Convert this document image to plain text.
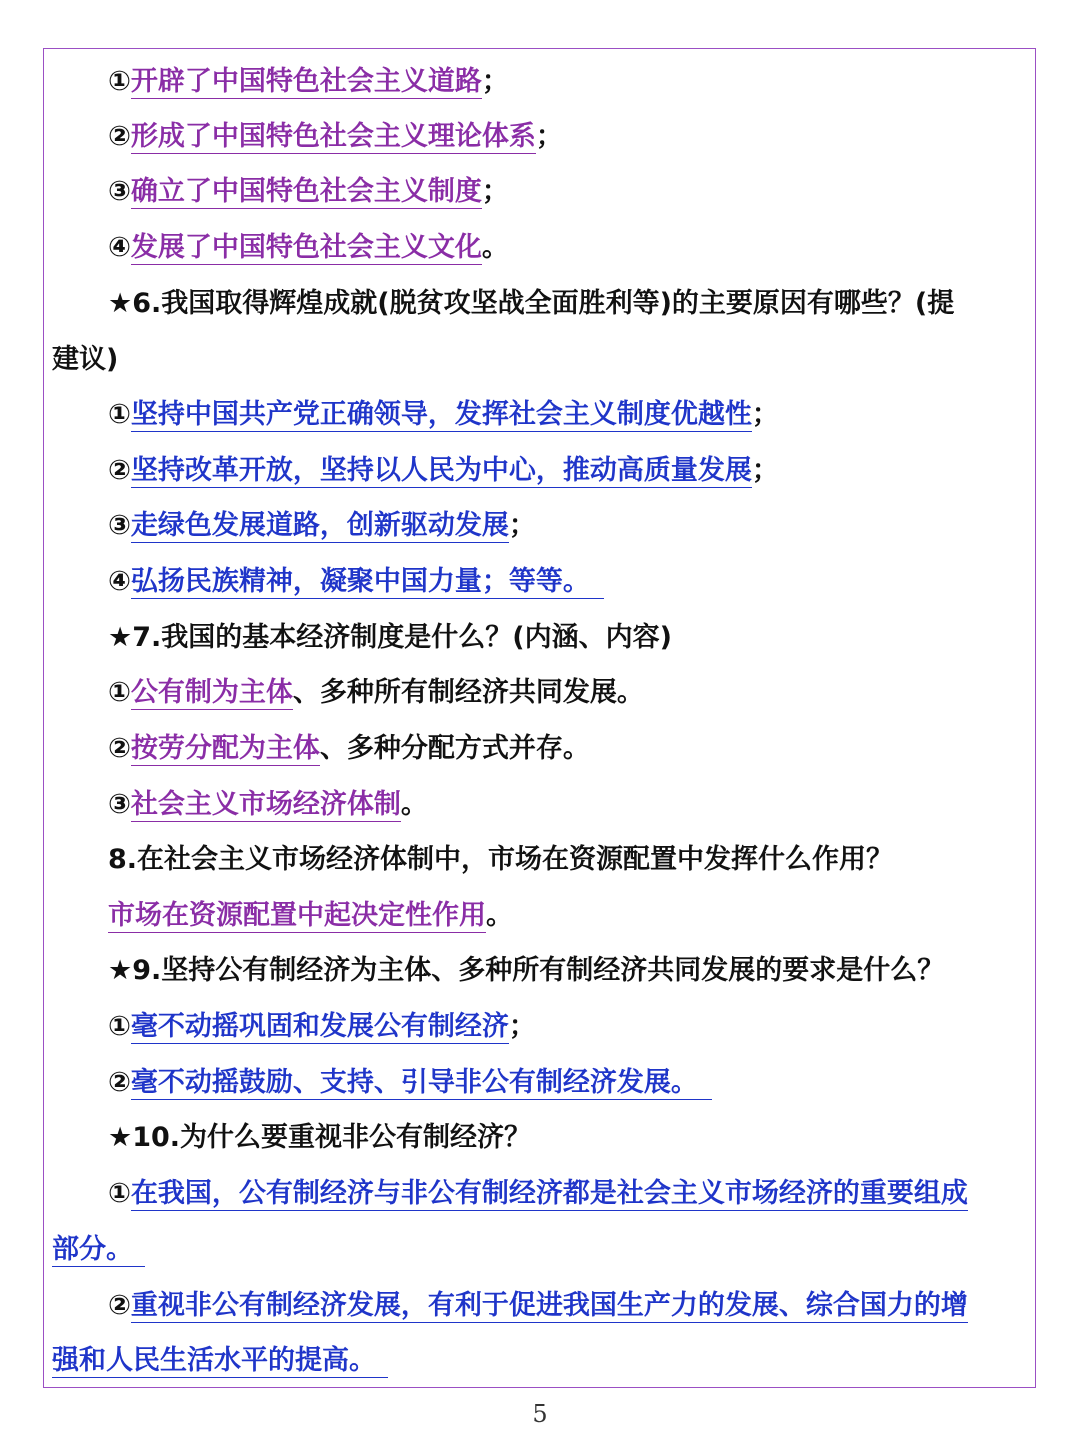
①开辟了中国特色社会主义道路；
②形成了中国特色社会主义理论体系；
③确立了中国特色社会主义制度；
④发展了中国特色社会主义文化。
★6.我国取得辉煌成就(脱贫攻坚战全面胜利等)的主要原因有哪些？(提
建议)
①坚持中国共产党正确领导，发挥社会主义制度优越性；
②坚持改革开放，坚持以人民为中心，推动高质量发展；
③走绿色发展道路，创新驱动发展；
④弘扬民族精神，凝聚中国力量；等等。
★7.我国的基本经济制度是什么？(内涵、内容)
①公有制为主体、多种所有制经济共同发展。
②按劳分配为主体、多种分配方式并存。
③社会主义市场经济体制。
8.在社会主义市场经济体制中，市场在资源配置中发挥什么作用？
市场在资源配置中起决定性作用。
★9.坚持公有制经济为主体、多种所有制经济共同发展的要求是什么？
①毫不动摇巩固和发展公有制经济；
②毫不动摇鼓励、支持、引导非公有制经济发展。
★10.为什么要重视非公有制经济？
①在我国，公有制经济与非公有制经济都是社会主义市场经济的重要组成
部分。
②重视非公有制经济发展，有利于促进我国生产力的发展、综合国力的增
强和人民生活水平的提高。
5
